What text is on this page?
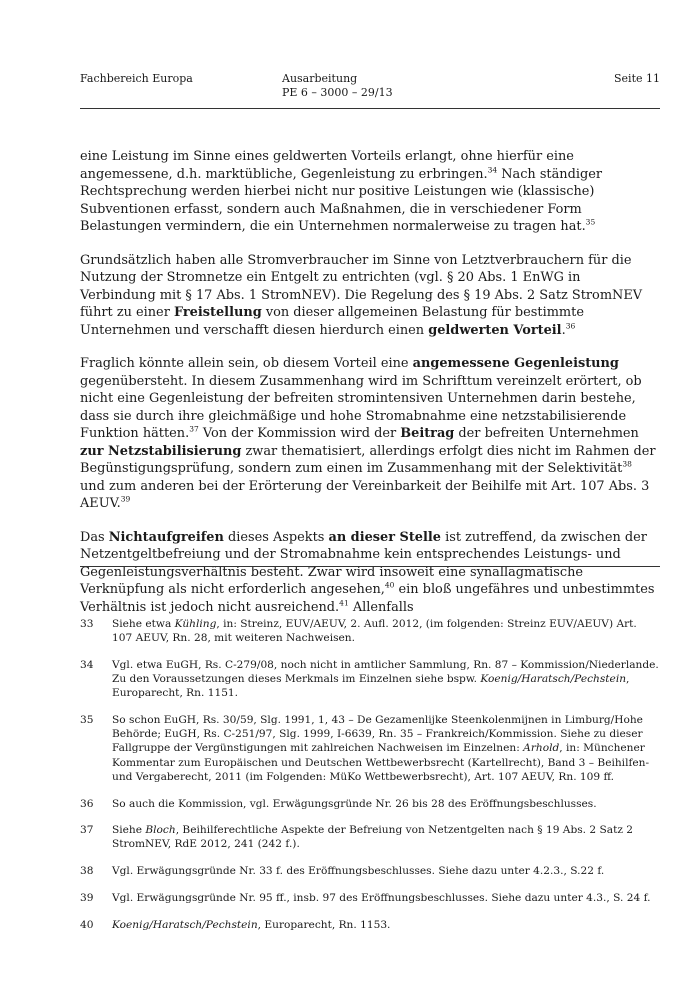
Fachbereich Europa	Ausarbeitung
PE 6 – 3000 – 29/13
Seite 11

eine Leistung im Sinne eines geldwerten Vorteils erlangt, ohne hierfür eine angemessene, d.h. marktübliche, Gegenleistung zu erbringen.$^{34}$ Nach ständiger Rechtsprechung werden hierbei nicht nur positive Leistungen wie (klassische) Subventionen erfasst, sondern auch Maßnahmen, die in verschiedener Form Belastungen vermindern, die ein Unternehmen normalerweise zu tragen hat.$^{35}$

Grundsätzlich haben alle Stromverbraucher im Sinne von Letztverbrauchern für die Nutzung der Stromnetze ein Entgelt zu entrichten (vgl. § 20 Abs. 1 EnWG in Verbindung mit § 17 Abs. 1 StromNEV). Die Regelung des § 19 Abs. 2 Satz StromNEV führt zu einer Freistellung von dieser allgemeinen Belastung für bestimmte Unternehmen und verschafft diesen hierdurch einen geldwerten Vorteil.$^{36}$

Fraglich könnte allein sein, ob diesem Vorteil eine angemessene Gegenleistung gegenübersteht. In diesem Zusammenhang wird im Schrifttum vereinzelt erörtert, ob nicht eine Gegenleistung der befreiten stromintensiven Unternehmen darin bestehe, dass sie durch ihre gleichmäßige und hohe Stromabnahme eine netzstabilisierende Funktion hätten.$^{37}$ Von der Kommission wird der Beitrag der befreiten Unternehmen zur Netzstabilisierung zwar thematisiert, allerdings erfolgt dies nicht im Rahmen der Begünstigungsprüfung, sondern zum einen im Zusammenhang mit der Selektivität$^{38}$ und zum anderen bei der Erörterung der Vereinbarkeit der Beihilfe mit Art. 107 Abs. 3 AEUV.$^{39}$

Das Nichtaufgreifen dieses Aspekts an dieser Stelle ist zutreffend, da zwischen der Netzentgeltbefreiung und der Stromabnahme kein entsprechendes Leistungs- und Gegenleistungsverhältnis besteht. Zwar wird insoweit eine synallagmatische Verknüpfung als nicht erforderlich angesehen,$^{40}$ ein bloß ungefähres und unbestimmtes Verhältnis ist jedoch nicht ausreichend.$^{41}$ Allenfalls

33	Siehe etwa Kühling, in: Streinz, EUV/AEUV, 2. Aufl. 2012, (im folgenden: Streinz EUV/AEUV) Art. 107 AEUV, Rn. 28, mit weiteren Nachweisen.
34	Vgl. etwa EuGH, Rs. C-279/08, noch nicht in amtlicher Sammlung, Rn. 87 – Kommission/Niederlande. Zu den Voraussetzungen dieses Merkmals im Einzelnen siehe bspw. Koenig/Haratsch/Pechstein, Europarecht, Rn. 1151.
35	So schon EuGH, Rs. 30/59, Slg. 1991, 1, 43 – De Gezamenlijke Steenkolenmijnen in Limburg/Hohe Behörde; EuGH, Rs. C-251/97, Slg. 1999, I-6639, Rn. 35 – Frankreich/Kommission. Siehe zu dieser Fallgruppe der Vergünstigungen mit zahlreichen Nachweisen im Einzelnen: Arhold, in: Münchener Kommentar zum Europäischen und Deutschen Wettbewerbsrecht (Kartellrecht), Band 3 – Beihilfen- und Vergaberecht, 2011 (im Folgenden: MüKo Wettbewerbsrecht), Art. 107 AEUV, Rn. 109 ff.
36	So auch die Kommission, vgl. Erwägungsgründe Nr. 26 bis 28 des Eröffnungsbeschlusses.
37	Siehe Bloch, Beihilferechtliche Aspekte der Befreiung von Netzentgelten nach § 19 Abs. 2 Satz 2 StromNEV, RdE 2012, 241 (242 f.).
38	Vgl. Erwägungsgründe Nr. 33 f. des Eröffnungsbeschlusses. Siehe dazu unter 4.2.3., S.22 f.
39	Vgl. Erwägungsgründe Nr. 95 ff., insb. 97 des Eröffnungsbeschlusses. Siehe dazu unter 4.3., S. 24 f.
40	Koenig/Haratsch/Pechstein, Europarecht, Rn. 1153.
